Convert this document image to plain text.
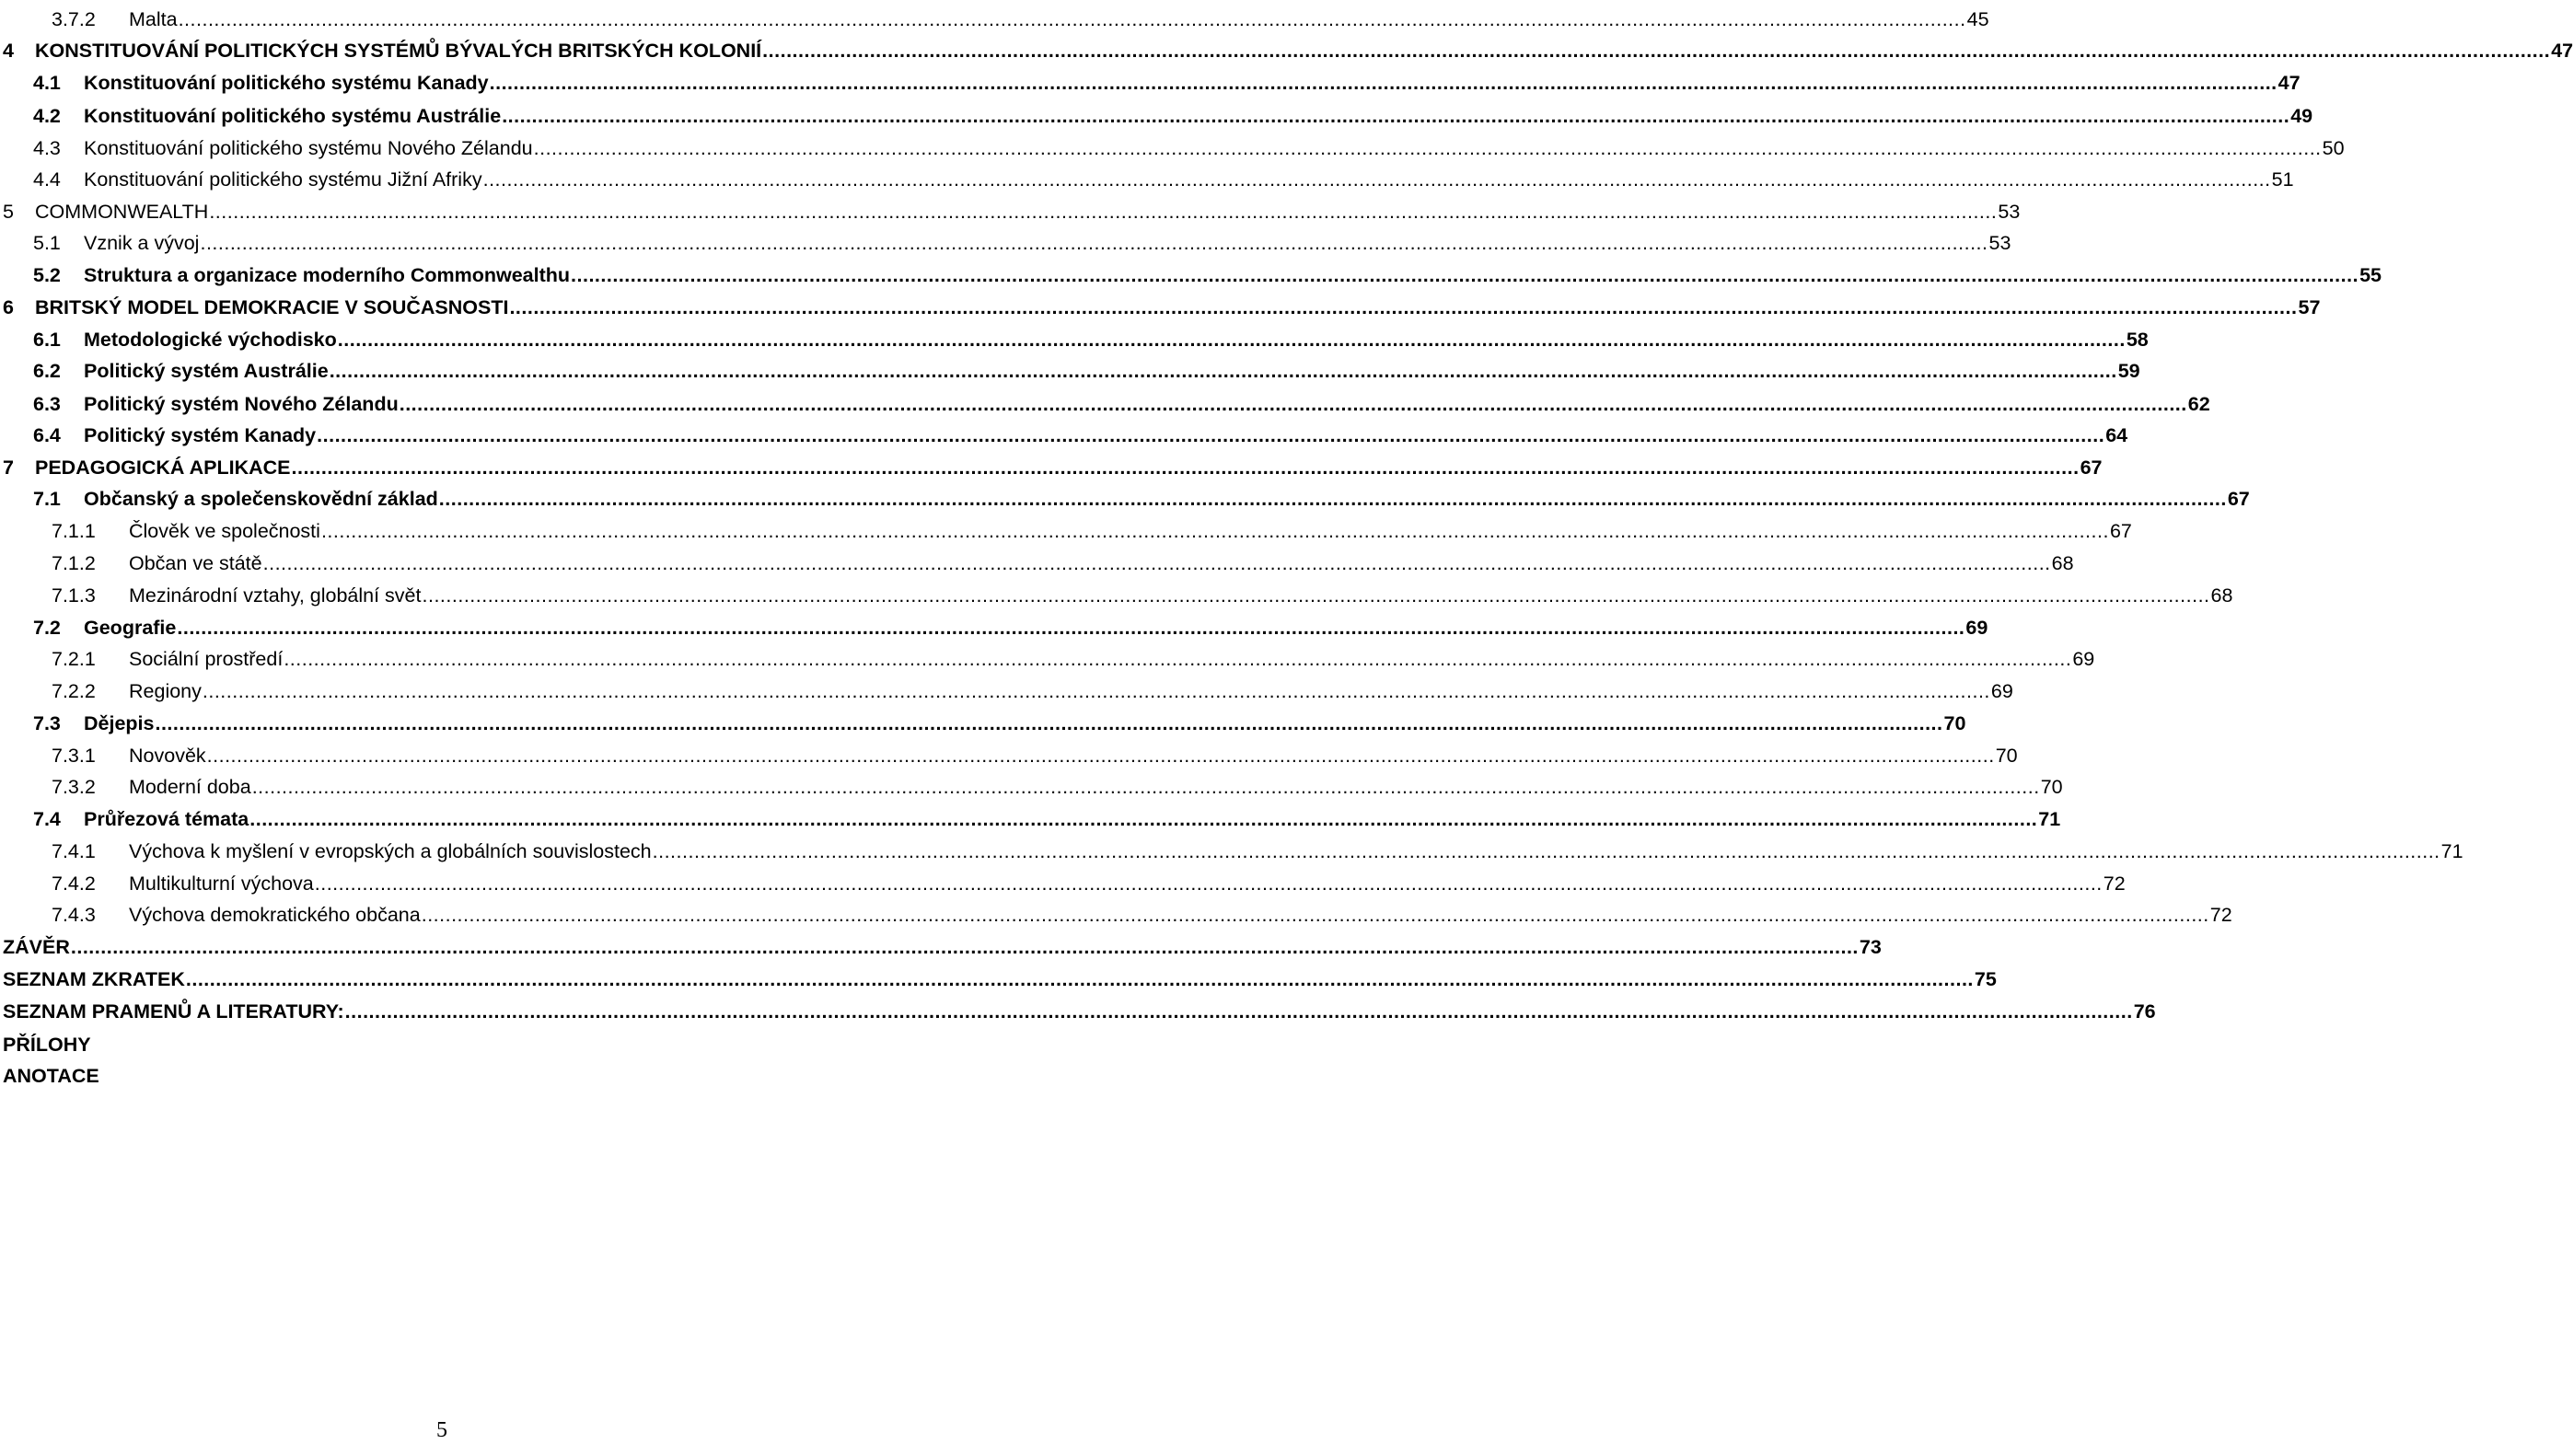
3.7.2	Malta ............................................................................................................................................................................................................................................................................................................ 45
4	KONSTITUOVÁNÍ POLITICKÝCH SYSTÉMŮ BÝVALÝCH BRITSKÝCH KOLONIÍ ............................................................................................................................................................................................................................................................................................................ 47
4.1	Konstituování politického systému Kanady ............................................................................................................................................................................................................................................................................................................ 47
4.2	Konstituování politického systému Austrálie ............................................................................................................................................................................................................................................................................................................ 49
4.3	Konstituování politického systému Nového Zélandu ............................................................................................................................................................................................................................................................................................................ 50
4.4	Konstituování politického systému Jižní Afriky ............................................................................................................................................................................................................................................................................................................ 51
5	COMMONWEALTH ............................................................................................................................................................................................................................................................................................................ 53
5.1	Vznik a vývoj ............................................................................................................................................................................................................................................................................................................ 53
5.2	Struktura a organizace moderního Commonwealthu ............................................................................................................................................................................................................................................................................................................ 55
6	BRITSKÝ MODEL DEMOKRACIE V SOUČASNOSTI ............................................................................................................................................................................................................................................................................................................ 57
6.1	Metodologické východisko ............................................................................................................................................................................................................................................................................................................ 58
6.2	Politický systém Austrálie ............................................................................................................................................................................................................................................................................................................ 59
6.3	Politický systém Nového Zélandu ............................................................................................................................................................................................................................................................................................................ 62
6.4	Politický systém Kanady ............................................................................................................................................................................................................................................................................................................ 64
7	PEDAGOGICKÁ APLIKACE ............................................................................................................................................................................................................................................................................................................ 67
7.1	Občanský a společenskovědní základ ............................................................................................................................................................................................................................................................................................................ 67
7.1.1	Člověk ve společnosti ............................................................................................................................................................................................................................................................................................................ 67
7.1.2	Občan ve státě ............................................................................................................................................................................................................................................................................................................ 68
7.1.3	Mezinárodní vztahy, globální svět ............................................................................................................................................................................................................................................................................................................ 68
7.2	Geografie ............................................................................................................................................................................................................................................................................................................ 69
7.2.1	Sociální prostředí ............................................................................................................................................................................................................................................................................................................ 69
7.2.2	Regiony ............................................................................................................................................................................................................................................................................................................ 69
7.3	Dějepis ............................................................................................................................................................................................................................................................................................................ 70
7.3.1	Novověk ............................................................................................................................................................................................................................................................................................................ 70
7.3.2	Moderní doba ............................................................................................................................................................................................................................................................................................................ 70
7.4	Průřezová témata ............................................................................................................................................................................................................................................................................................................ 71
7.4.1	Výchova k myšlení v evropských a globálních souvislostech ............................................................................................................................................................................................................................................................................................................ 71
7.4.2	Multikulturní výchova ............................................................................................................................................................................................................................................................................................................ 72
7.4.3	Výchova demokratického občana ............................................................................................................................................................................................................................................................................................................ 72
ZÁVĚR ............................................................................................................................................................................................................................................................................................................ 73
SEZNAM ZKRATEK ............................................................................................................................................................................................................................................................................................................ 75
SEZNAM PRAMENŮ A LITERATURY: ............................................................................................................................................................................................................................................................................................................ 76
PŘÍLOHY
ANOTACE
5
